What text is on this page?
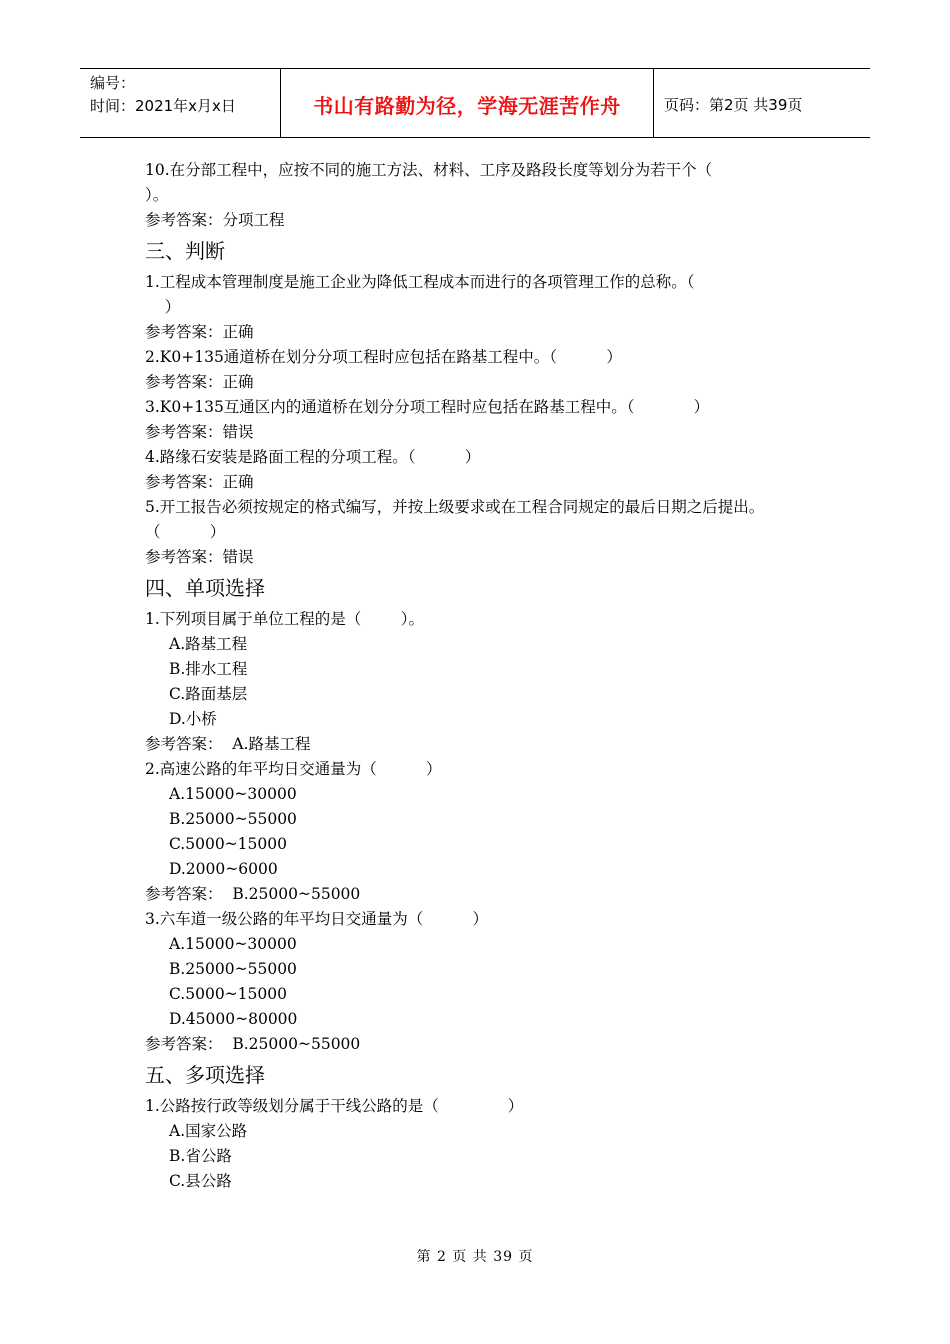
编号：
时间：2021年x月x日	书山有路勤为径，学海无涯苦作舟	页码：第2页 共39页
10.在分部工程中，应按不同的施工方法、材料、工序及路段长度等划分为若干个（
）。
参考答案：分项工程
三、判断
1.工程成本管理制度是施工企业为降低工程成本而进行的各项管理工作的总称。（
）
参考答案：正确
2.K0+135通道桥在划分分项工程时应包括在路基工程中。（          ）
参考答案：正确
3.K0+135互通区内的通道桥在划分分项工程时应包括在路基工程中。（            ）
参考答案：错误
4.路缘石安装是路面工程的分项工程。（          ）
参考答案：正确
5.开工报告必须按规定的格式编写，并按上级要求或在工程合同规定的最后日期之后提出。
（          ）
参考答案：错误
四、单项选择
1.下列项目属于单位工程的是（        ）。
A.路基工程
B.排水工程
C.路面基层
D.小桥
参考答案：  A.路基工程
2.高速公路的年平均日交通量为（          ）
A.15000~30000
B.25000~55000
C.5000~15000
D.2000~6000
参考答案：  B.25000~55000
3.六车道一级公路的年平均日交通量为（          ）
A.15000~30000
B.25000~55000
C.5000~15000
D.45000~80000
参考答案：  B.25000~55000
五、多项选择
1.公路按行政等级划分属于干线公路的是（              ）
A.国家公路
B.省公路
C.县公路
第 2 页 共 39 页
